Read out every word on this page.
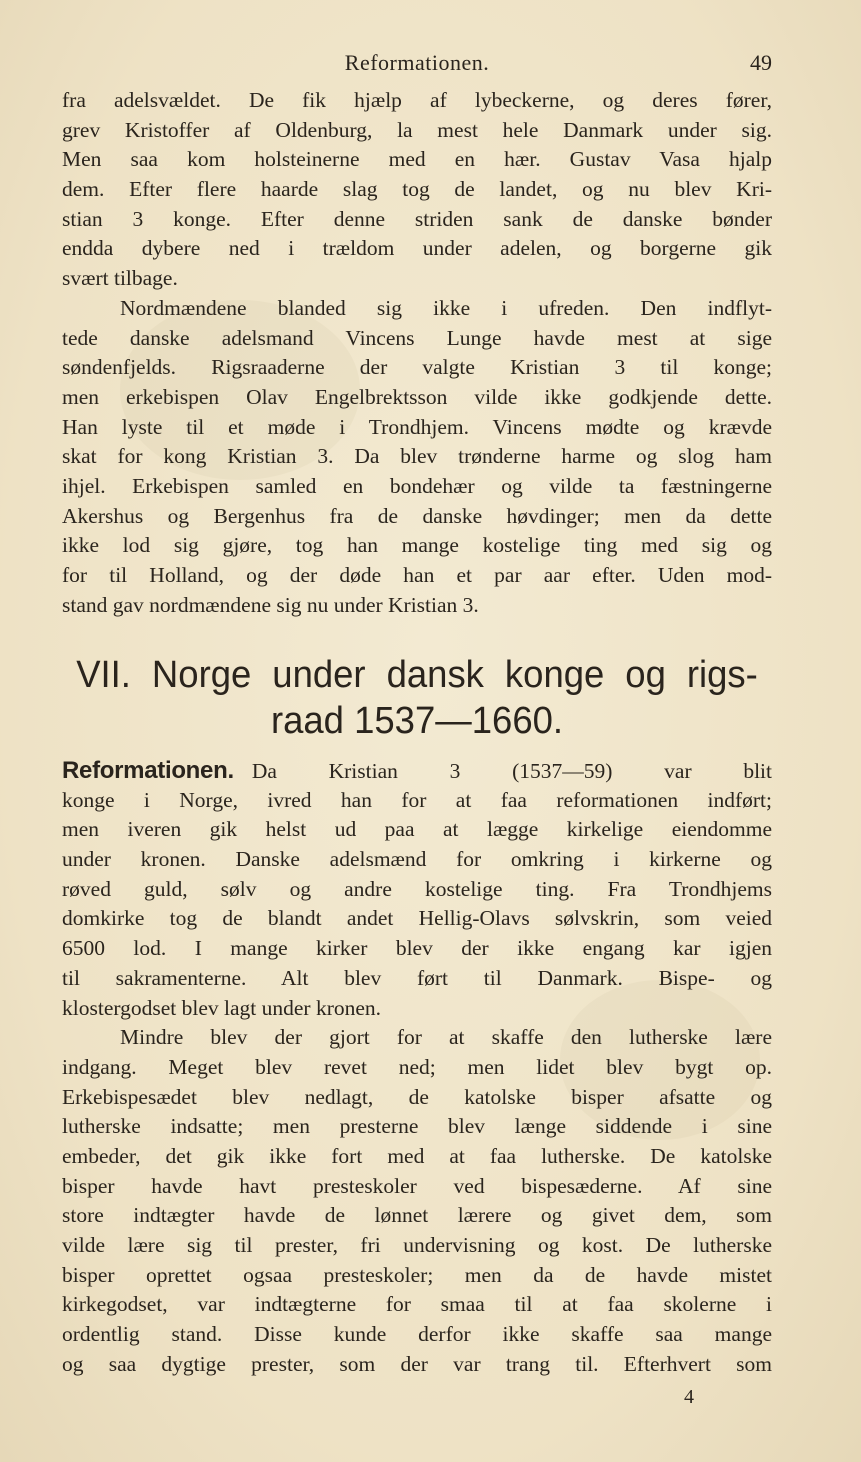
Reformationen.	49
fra adelsvældet. De fik hjælp af lybeckerne, og deres fører,
grev Kristoffer af Oldenburg, la mest hele Danmark under sig.
Men saa kom holsteinerne med en hær. Gustav Vasa hjalp
dem. Efter flere haarde slag tog de landet, og nu blev Kri-
stian 3 konge. Efter denne striden sank de danske bønder
endda dybere ned i trældom under adelen, og borgerne gik
svært tilbage.
Nordmændene blanded sig ikke i ufreden. Den indflyt-
tede danske adelsmand Vincens Lunge havde mest at sige
søndenfjelds. Rigsraaderne der valgte Kristian 3 til konge;
men erkebispen Olav Engelbrektsson vilde ikke godkjende dette.
Han lyste til et møde i Trondhjem. Vincens mødte og krævde
skat for kong Kristian 3. Da blev trønderne harme og slog ham
ihjel. Erkebispen samled en bondehær og vilde ta fæstningerne
Akershus og Bergenhus fra de danske høvdinger; men da dette
ikke lod sig gjøre, tog han mange kostelige ting med sig og
for til Holland, og der døde han et par aar efter. Uden mod-
stand gav nordmændene sig nu under Kristian 3.
VII. Norge under dansk konge og rigs-
raad 1537—1660.
Reformationen. Da Kristian 3 (1537—59) var blit
konge i Norge, ivred han for at faa reformationen indført;
men iveren gik helst ud paa at lægge kirkelige eiendomme
under kronen. Danske adelsmænd for omkring i kirkerne og
røved guld, sølv og andre kostelige ting. Fra Trondhjems
domkirke tog de blandt andet Hellig-Olavs sølvskrin, som veied
6500 lod. I mange kirker blev der ikke engang kar igjen
til sakramenterne. Alt blev ført til Danmark. Bispe- og
klostergodset blev lagt under kronen.
Mindre blev der gjort for at skaffe den lutherske lære
indgang. Meget blev revet ned; men lidet blev bygt op.
Erkebispesædet blev nedlagt, de katolske bisper afsatte og
lutherske indsatte; men presterne blev længe siddende i sine
embeder, det gik ikke fort med at faa lutherske. De katolske
bisper havde havt presteskoler ved bispesæderne. Af sine
store indtægter havde de lønnet lærere og givet dem, som
vilde lære sig til prester, fri undervisning og kost. De lutherske
bisper oprettet ogsaa presteskoler; men da de havde mistet
kirkegodset, var indtægterne for smaa til at faa skolerne i
ordentlig stand. Disse kunde derfor ikke skaffe saa mange
og saa dygtige prester, som der var trang til. Efterhvert som
4
